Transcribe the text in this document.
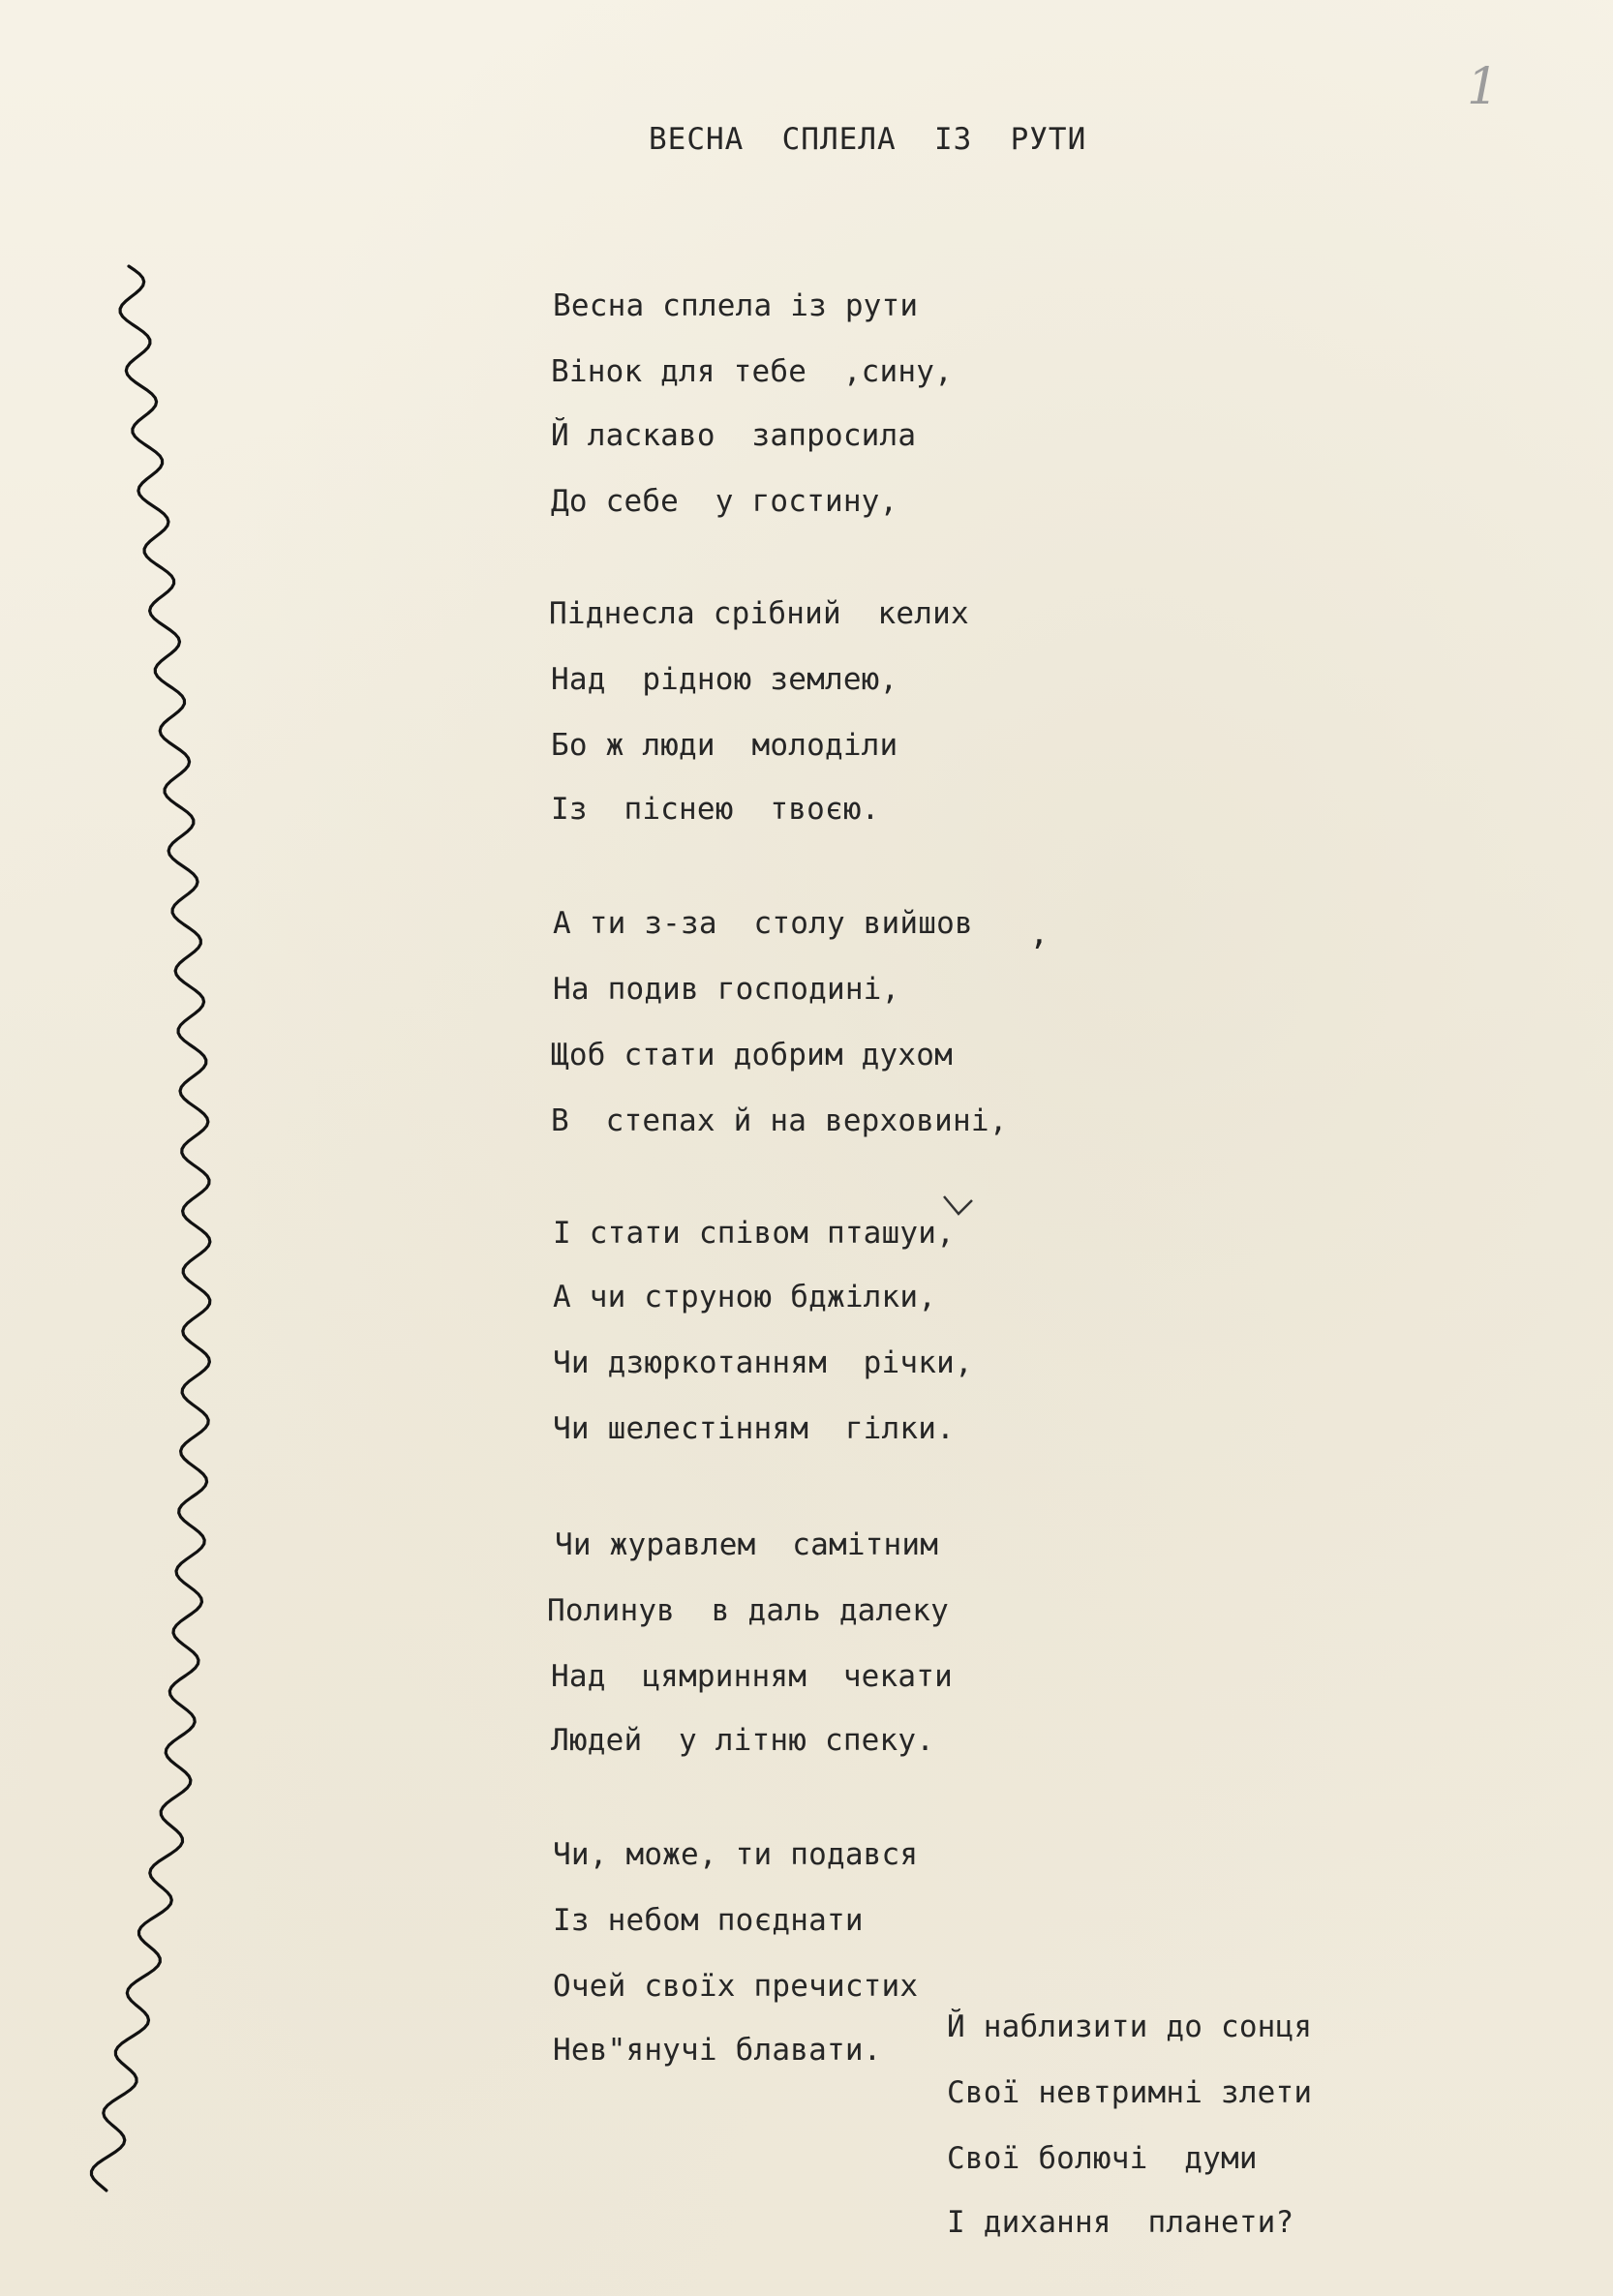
1
ВЕСНА  СПЛЕЛА  ІЗ  РУТИ
Весна сплела із рути
Вінок для тебе  ,сину,
Й ласкаво  запросила
До себе  у гостину,
Піднесла срібний  келих
Над  рідною землею,
Бо ж люди  молоділи
Із  піснею  твоєю.
А ти з-за  столу вийшов ,
На подив господині,
Щоб стати добрим духом
В  степах й на верховині,
І стати співом пташуи,
А чи струною бджілки,
Чи дзюркотанням  річки,
Чи шелестінням  гілки.
Чи журавлем  самітним
Полинув  в даль далеку
Над  цямринням  чекати
Людей  у літню спеку.
Чи, може, ти подався
Із небом поєднати
Очей своїх пречистих
Нев"янучі блавати.
Й наблизити до сонця
Свої невтримні злети
Свої болючі  думи
І дихання  планети?
